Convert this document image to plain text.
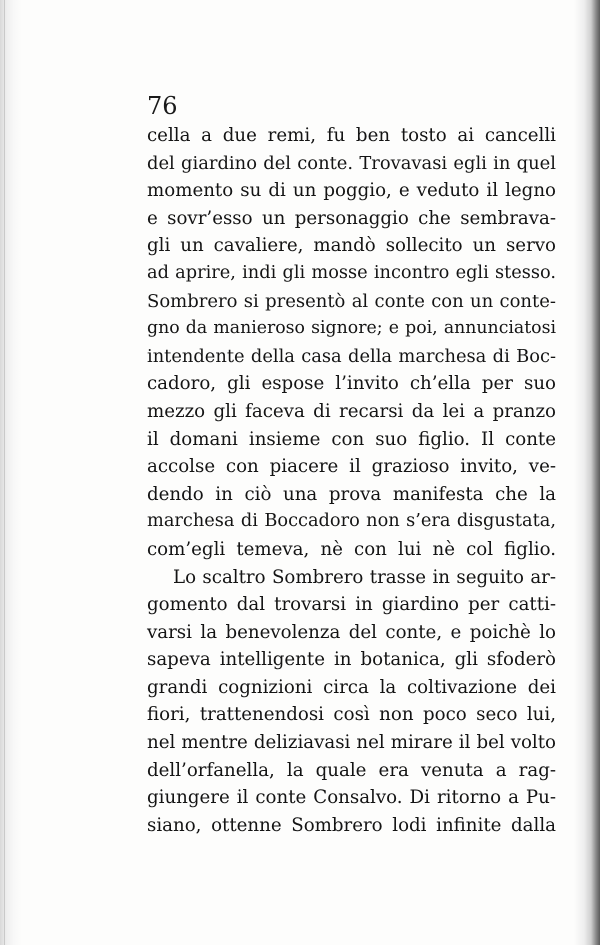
76
cella a due remi, fu ben tosto ai cancelli
del giardino del conte. Trovavasi egli in quel
momento su di un poggio, e veduto il legno
e sovr’esso un personaggio che sembrava-
gli un cavaliere, mandò sollecito un servo
ad aprire, indi gli mosse incontro egli stesso.
Sombrero si presentò al conte con un conte-
gno da manieroso signore; e poi, annunciatosi
intendente della casa della marchesa di Boc-
cadoro, gli espose l’invito ch’ella per suo
mezzo gli faceva di recarsi da lei a pranzo
il domani insieme con suo figlio. Il conte
accolse con piacere il grazioso invito, ve-
dendo in ciò una prova manifesta che la
marchesa di Boccadoro non s’era disgustata,
com’egli temeva, nè con lui nè col figlio.
Lo scaltro Sombrero trasse in seguito ar-
gomento dal trovarsi in giardino per catti-
varsi la benevolenza del conte, e poichè lo
sapeva intelligente in botanica, gli sfoderò
grandi cognizioni circa la coltivazione dei
fiori, trattenendosi così non poco seco lui,
nel mentre deliziavasi nel mirare il bel volto
dell’orfanella, la quale era venuta a rag-
giungere il conte Consalvo. Di ritorno a Pu-
siano, ottenne Sombrero lodi infinite dalla
